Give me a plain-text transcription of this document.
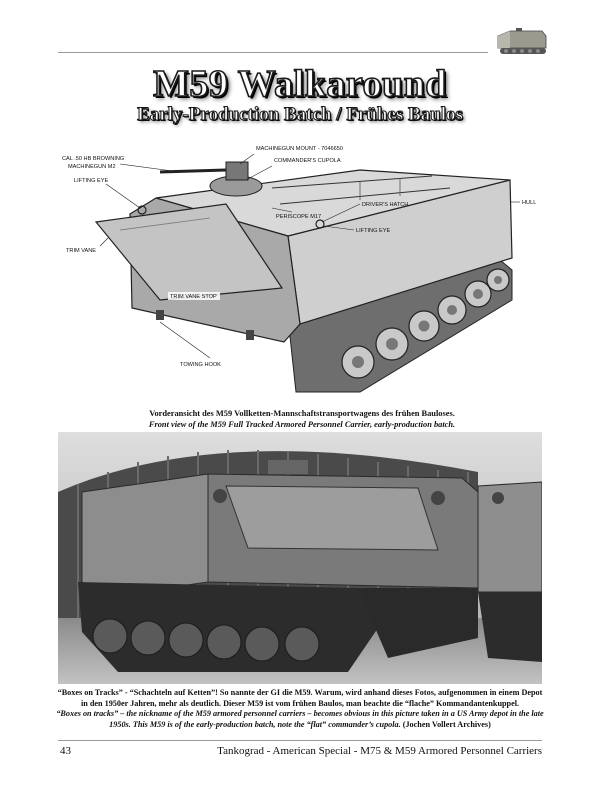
M59 Walkaround
Early-Production Batch / Frühes Baulos
MACHINEGUN MOUNT - 7046650
COMMANDER'S CUPOLA
CAL .50 HB BROWNING
MACHINEGUN M2
LIFTING EYE
DRIVER'S HATCH	HULL
PERISCOPE M17
LIFTING EYE
TRIM VANE
TRIM VANE STOP
TOWING HOOK
Vorderansicht des M59 Vollketten-Mannschaftstransportwagens des frühen Bauloses.
Front view of the M59 Full Tracked Armored Personnel Carrier, early-production batch.
“Boxes on Tracks” - “Schachteln auf Ketten”! So nannte der GI die M59. Warum, wird anhand dieses Fotos, aufgenommen in einem Depot in den 1950er Jahren, mehr als deutlich. Dieser M59 ist vom frühen Baulos, man beachte die “flache” Kommandantenkuppel.
“Boxes on tracks” – the nickname of the M59 armored personnel carriers – becomes obvious in this picture taken in a US Army depot in the late 1950s. This M59 is of the early-production batch, note the “flat” commander’s cupola. (Jochen Vollert Archives)
43	Tankograd - American Special - M75 & M59 Armored Personnel Carriers
